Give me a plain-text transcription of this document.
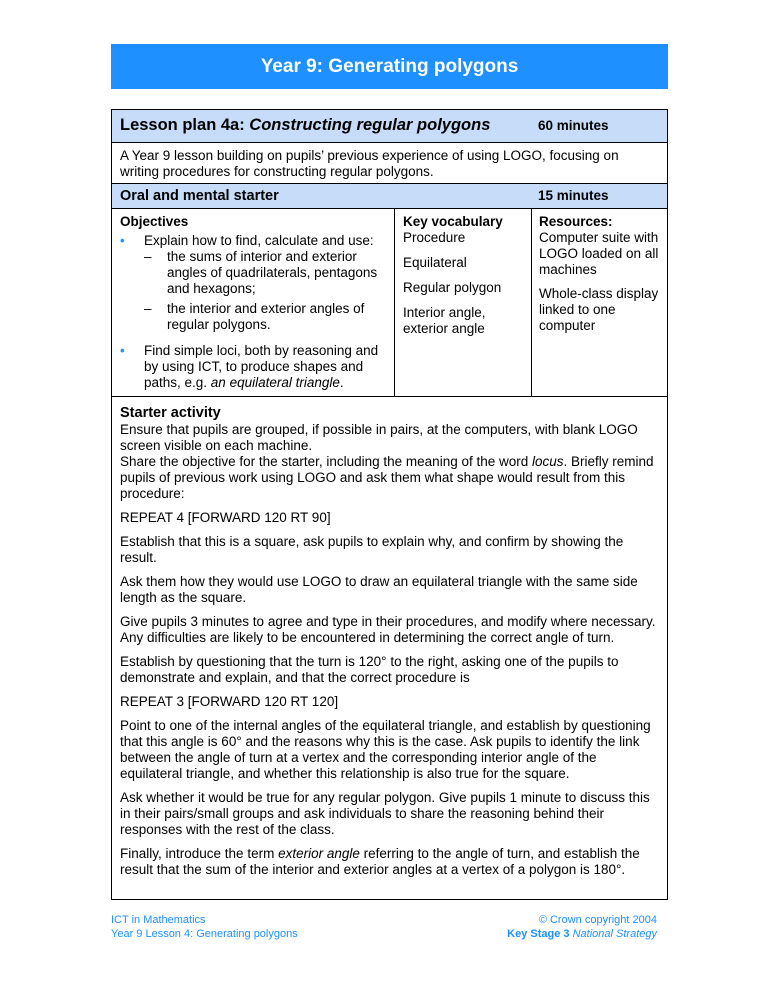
Year 9: Generating polygons
Lesson plan 4a: Constructing regular polygons	60 minutes

A Year 9 lesson building on pupils’ previous experience of using LOGO, focusing on writing procedures for constructing regular polygons.

Oral and mental starter	15 minutes

Objectives

• Explain how to find, calculate and use:
– the sums of interior and exterior angles of quadrilaterals, pentagons and hexagons;
– the interior and exterior angles of regular polygons.
• Find simple loci, both by reasoning and by using ICT, to produce shapes and paths, e.g. an equilateral triangle.

Key vocabulary

Procedure

Equilateral

Regular polygon

Interior angle, exterior angle

Resources:

Computer suite with LOGO loaded on all machines

Whole-class display linked to one computer

Starter activity

Ensure that pupils are grouped, if possible in pairs, at the computers, with blank LOGO screen visible on each machine.

Share the objective for the starter, including the meaning of the word locus. Briefly remind pupils of previous work using LOGO and ask them what shape would result from this procedure:

REPEAT 4 [FORWARD 120 RT 90]

Establish that this is a square, ask pupils to explain why, and confirm by showing the result.

Ask them how they would use LOGO to draw an equilateral triangle with the same side length as the square.

Give pupils 3 minutes to agree and type in their procedures, and modify where necessary. Any difficulties are likely to be encountered in determining the correct angle of turn.

Establish by questioning that the turn is 120° to the right, asking one of the pupils to demonstrate and explain, and that the correct procedure is

REPEAT 3 [FORWARD 120 RT 120]

Point to one of the internal angles of the equilateral triangle, and establish by questioning that this angle is 60° and the reasons why this is the case. Ask pupils to identify the link between the angle of turn at a vertex and the corresponding interior angle of the equilateral triangle, and whether this relationship is also true for the square.

Ask whether it would be true for any regular polygon. Give pupils 1 minute to discuss this in their pairs/small groups and ask individuals to share the reasoning behind their responses with the rest of the class.

Finally, introduce the term exterior angle referring to the angle of turn, and establish the result that the sum of the interior and exterior angles at a vertex of a polygon is 180°.

ICT in Mathematics
Year 9 Lesson 4: Generating polygons
© Crown copyright 2004
Key Stage 3 National Strategy
